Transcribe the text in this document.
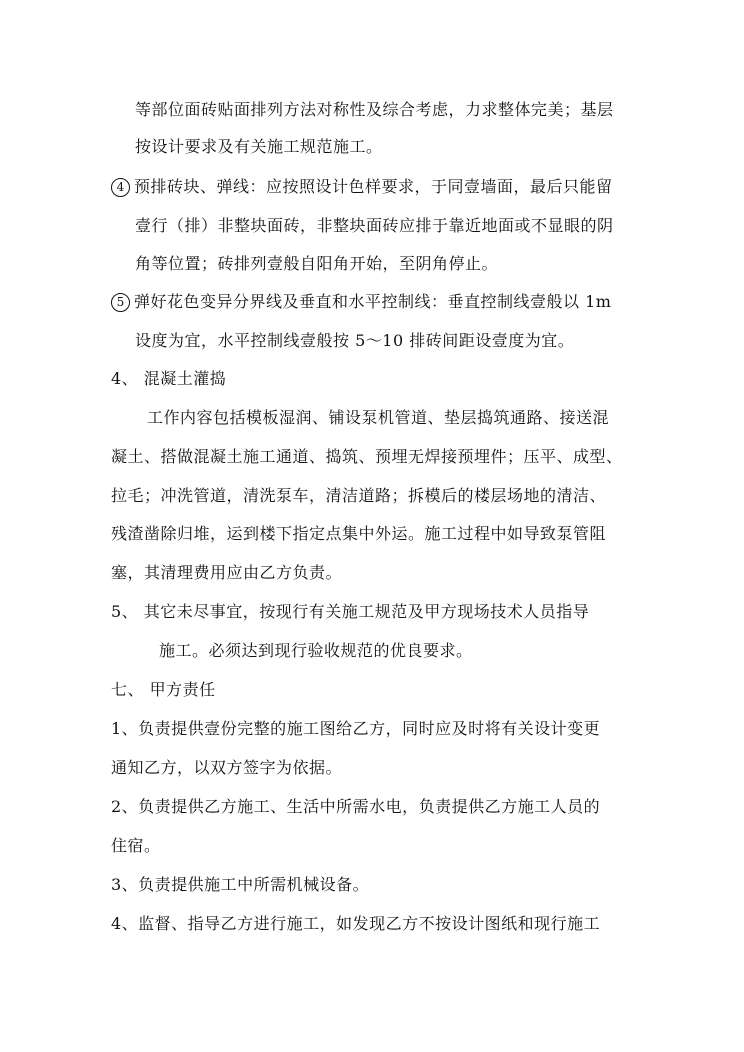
等部位面砖贴面排列方法对称性及综合考虑，力求整体完美；基层
按设计要求及有关施工规范施工。
4 预排砖块、弹线：应按照设计色样要求，于同壹墙面，最后只能留
壹行（排）非整块面砖，非整块面砖应排于靠近地面或不显眼的阴
角等位置；砖排列壹般自阳角开始，至阴角停止。
5 弹好花色变异分界线及垂直和水平控制线：垂直控制线壹般以 1m
设度为宜，水平控制线壹般按 5～10 排砖间距设壹度为宜。
4、 混凝土灌捣
工作内容包括模板湿润、铺设泵机管道、垫层捣筑通路、接送混
凝土、搭做混凝土施工通道、捣筑、预埋无焊接预埋件；压平、成型、
拉毛；冲洗管道，清洗泵车，清洁道路；拆模后的楼层场地的清洁、
残渣凿除归堆，运到楼下指定点集中外运。施工过程中如导致泵管阻
塞，其清理费用应由乙方负责。
5、 其它未尽事宜，按现行有关施工规范及甲方现场技术人员指导
施工。必须达到现行验收规范的优良要求。
七、 甲方责任
1、负责提供壹份完整的施工图给乙方，同时应及时将有关设计变更
通知乙方，以双方签字为依据。
2、负责提供乙方施工、生活中所需水电，负责提供乙方施工人员的
住宿。
3、负责提供施工中所需机械设备。
4、监督、指导乙方进行施工，如发现乙方不按设计图纸和现行施工
